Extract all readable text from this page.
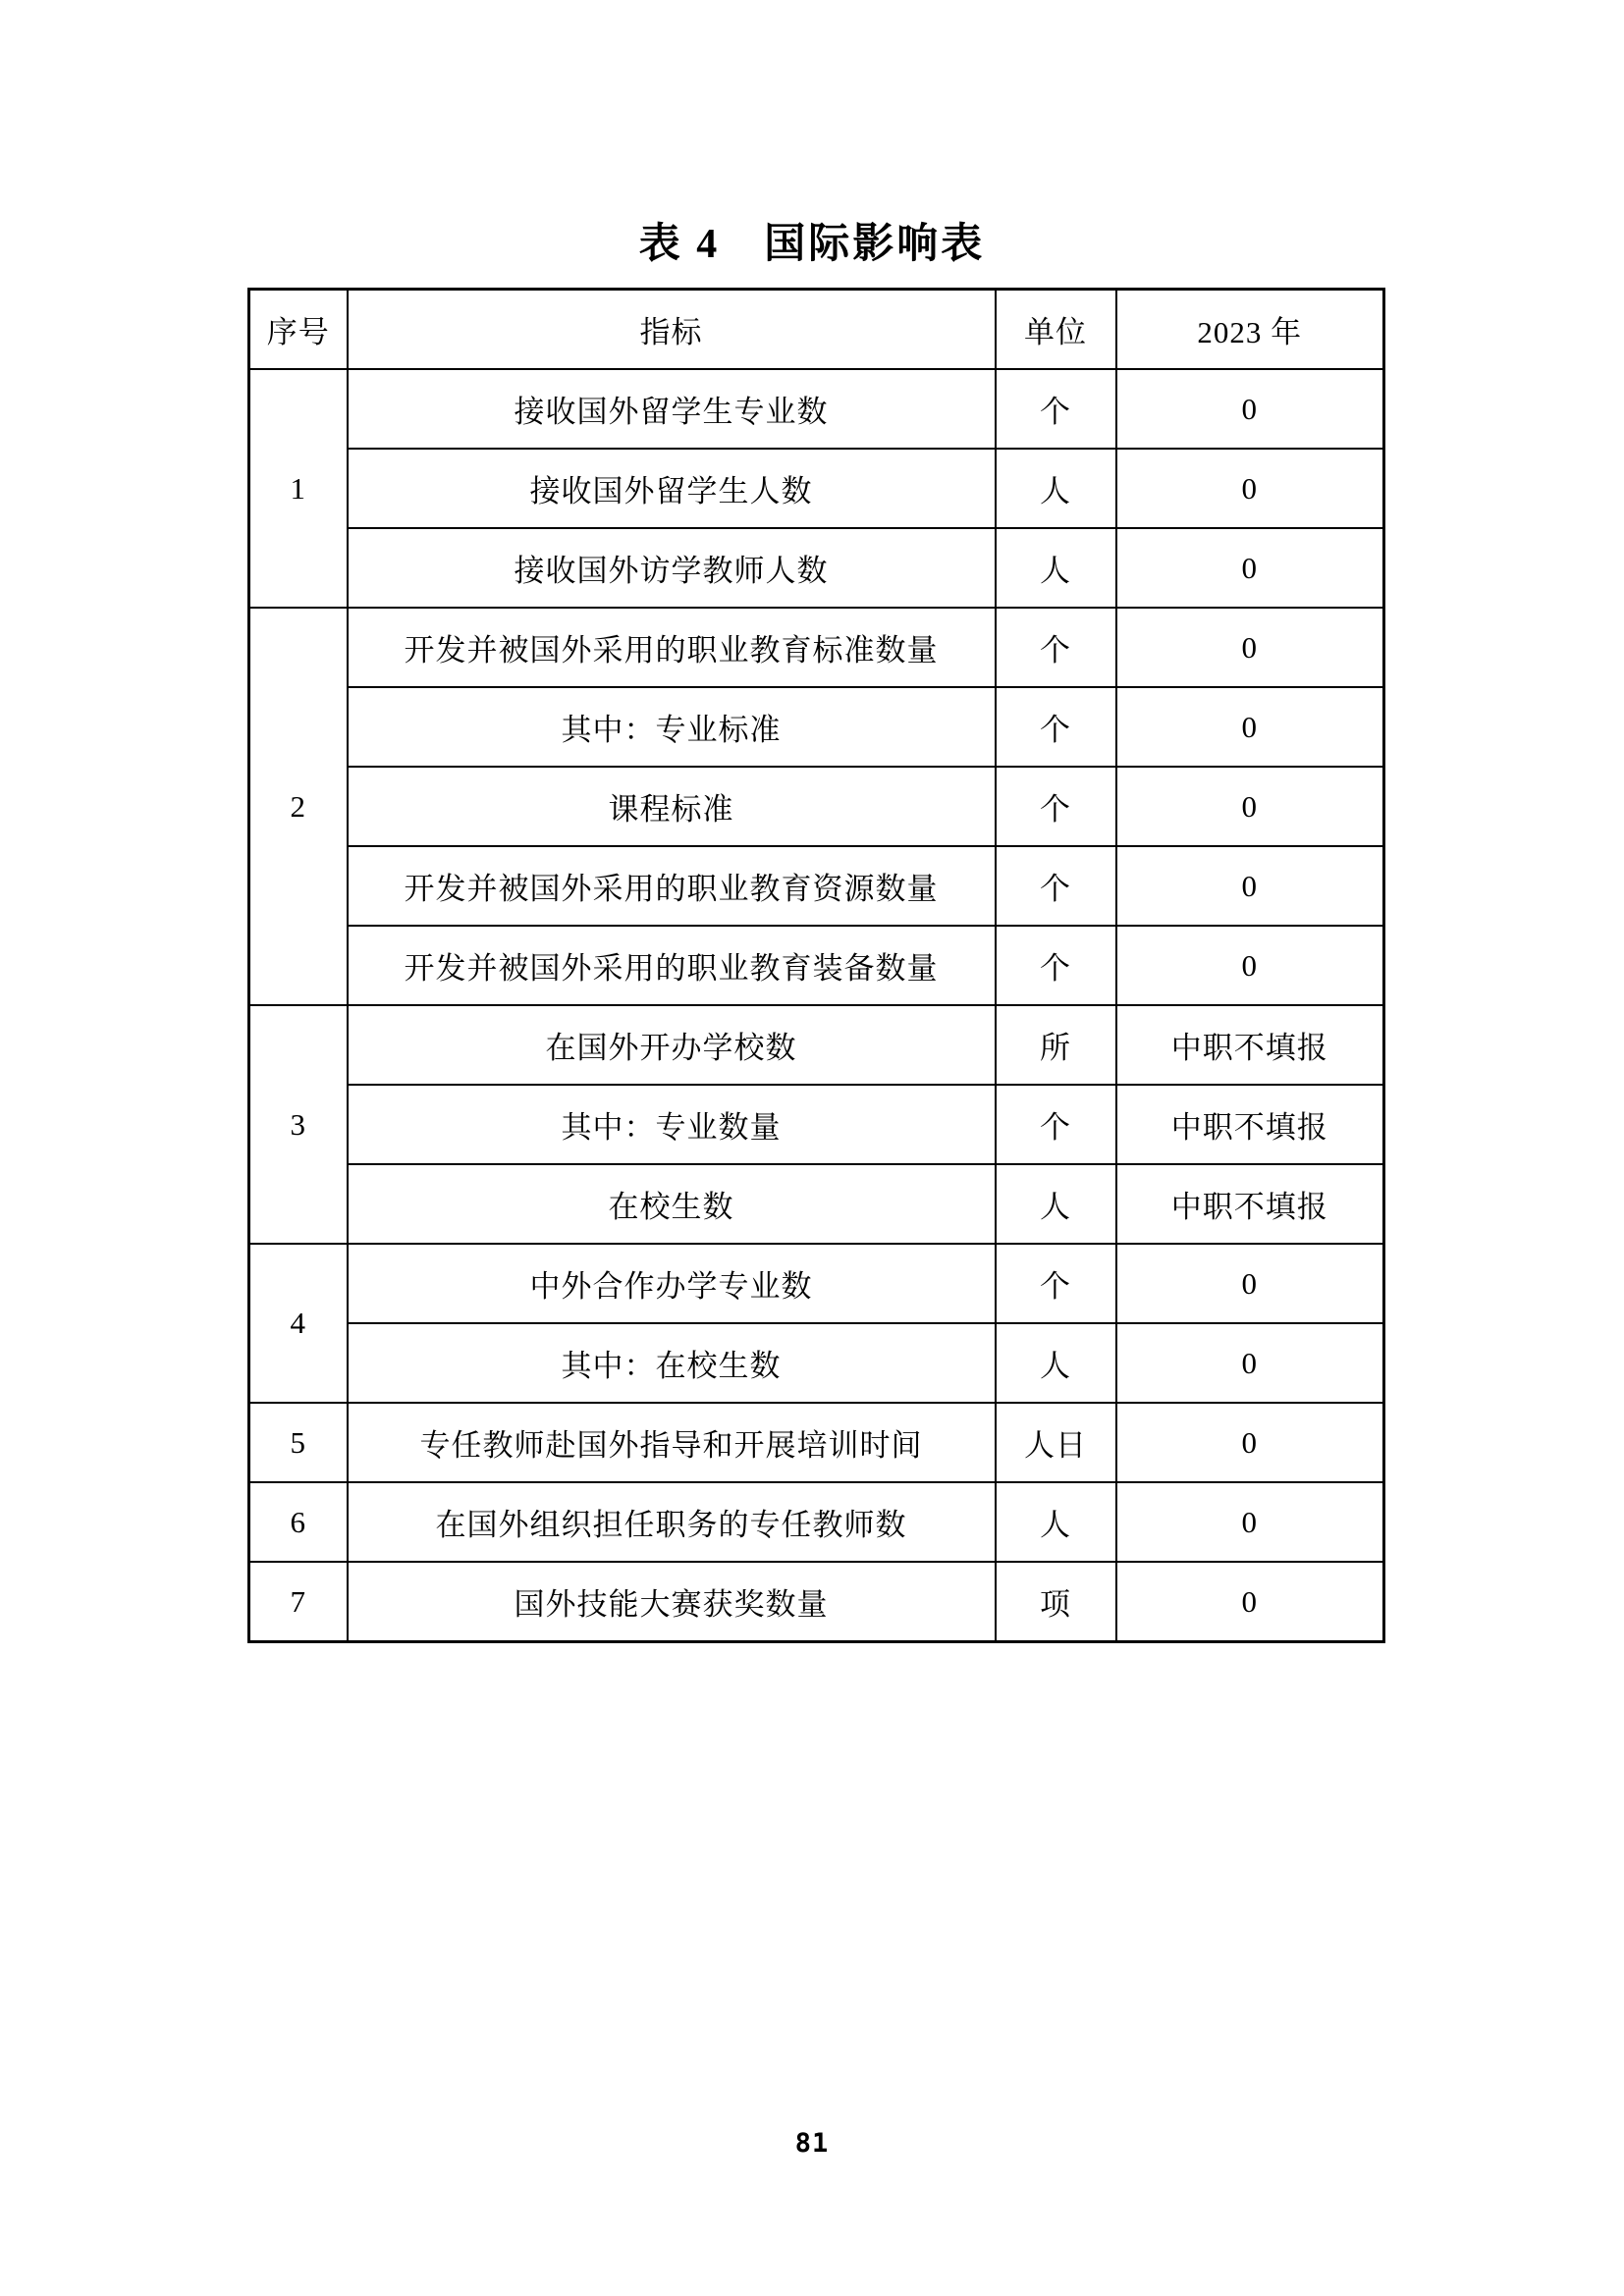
表 4　国际影响表
序号	指标	单位	2023 年
1	接收国外留学生专业数	个	0
	接收国外留学生人数	人	0
	接收国外访学教师人数	人	0
2	开发并被国外采用的职业教育标准数量	个	0
	其中：专业标准	个	0
	课程标准	个	0
	开发并被国外采用的职业教育资源数量	个	0
	开发并被国外采用的职业教育装备数量	个	0
3	在国外开办学校数	所	中职不填报
	其中：专业数量	个	中职不填报
	在校生数	人	中职不填报
4	中外合作办学专业数	个	0
	其中：在校生数	人	0
5	专任教师赴国外指导和开展培训时间	人日	0
6	在国外组织担任职务的专任教师数	人	0
7	国外技能大赛获奖数量	项	0
81
